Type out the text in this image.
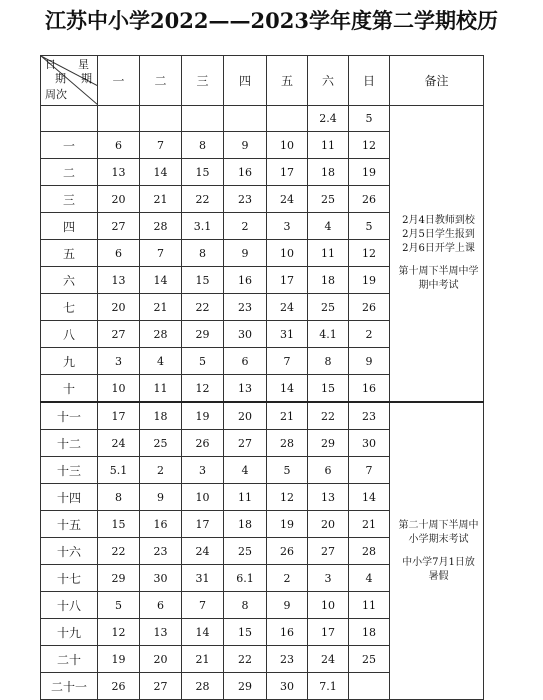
江苏中小学2022——2023学年度第二学期校历
日 星
期 期
周次	一	二	三	四	五	六	日	备注
						2.4	5	2月4日教师到校
2月5日学生报到
2月6日开学上课
第十周下半周中学
期中考试

一	6	7	8	9	10	11	12	
二	13	14	15	16	17	18	19	
三	20	21	22	23	24	25	26	
四	27	28	3.1	2	3	4	5	
五	6	7	8	9	10	11	12	
六	13	14	15	16	17	18	19	
七	20	21	22	23	24	25	26	
八	27	28	29	30	31	4.1	2	
九	3	4	5	6	7	8	9	
十	10	11	12	13	14	15	16	
十一	17	18	19	20	21	22	23	第二十周下半周中
小学期末考试
中小学7月1日放
暑假

十二	24	25	26	27	28	29	30	
十三	5.1	2	3	4	5	6	7	
十四	8	9	10	11	12	13	14	
十五	15	16	17	18	19	20	21	
十六	22	23	24	25	26	27	28	
十七	29	30	31	6.1	2	3	4	
十八	5	6	7	8	9	10	11	
十九	12	13	14	15	16	17	18	
二十	19	20	21	22	23	24	25	
二十一	26	27	28	29	30	7.1		
